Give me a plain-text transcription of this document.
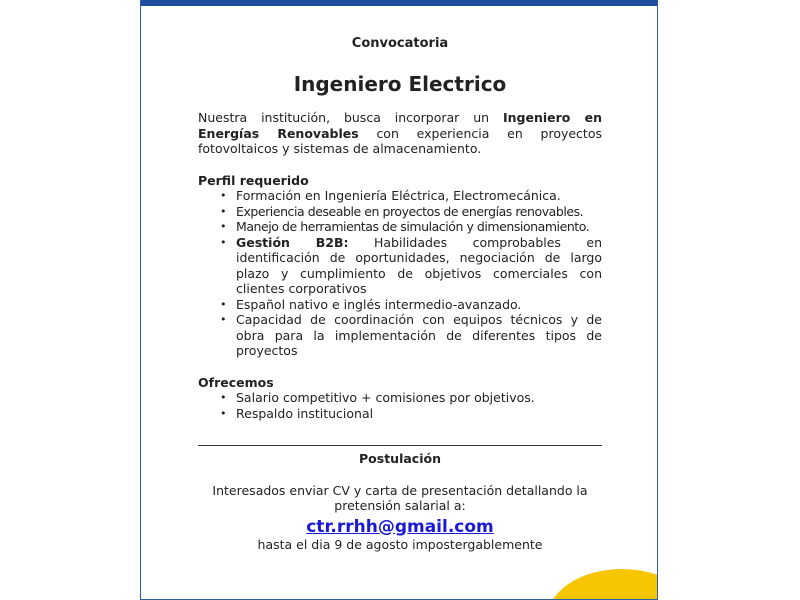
Convocatoria
Ingeniero Electrico

Nuestra institución, busca incorporar un Ingeniero en Energías Renovables con experiencia en proyectos fotovoltaicos y sistemas de almacenamiento.

Perfil requerido
• Formación en Ingeniería Eléctrica, Electromecánica.
• Experiencia deseable en proyectos de energías renovables.
• Manejo de herramientas de simulación y dimensionamiento.
• Gestión B2B: Habilidades comprobables en identificación de oportunidades, negociación de largo plazo y cumplimiento de objetivos comerciales con clientes corporativos
• Español nativo e inglés intermedio-avanzado.
• Capacidad de coordinación con equipos técnicos y de obra para la implementación de diferentes tipos de proyectos
Ofrecemos
• Salario competitivo + comisiones por objetivos.
• Respaldo institucional
Postulación
Interesados enviar CV y carta de presentación detallando la pretensión salarial a:
ctr.rrhh@gmail.com
hasta el dia 9 de agosto impostergablemente
